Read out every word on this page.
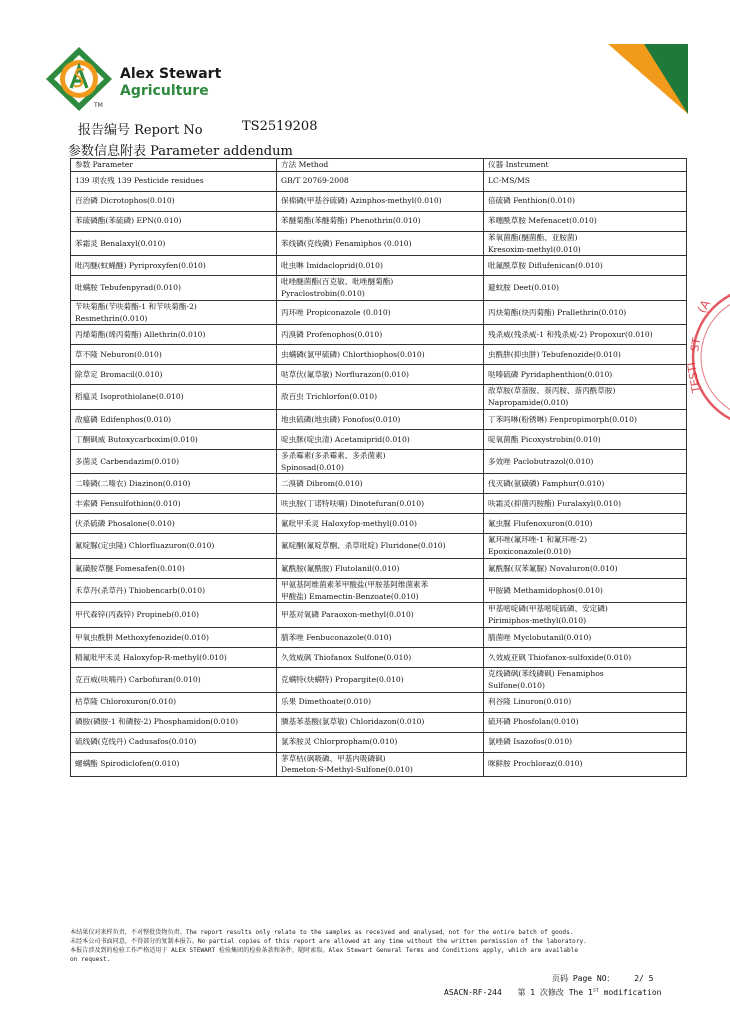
Alex Stewart
Agriculture
TM
(A
ST
TESTI
报告编号 Report No	TS2519208
参数信息附表 Parameter addendum
参数 Parameter	方法 Method	仪器 Instrument

139 项农残 139 Pesticide residues	GB/T 20769-2008	LC-MS/MS

百治磷 Dicrotophos(0.010)	保棉磷(甲基谷硫磷) Azinphos-methyl(0.010)	倍硫磷 Fenthion(0.010)

苯硫磷酯(苯硫磷) EPN(0.010)	苯醚菊酯(苯醚菊酯) Phenothrin(0.010)	苯噻酰草胺 Mefenacet(0.010)

苯霜灵 Benalaxyl(0.010)	苯线磷(克线磷) Fenamiphos (0.010)	苯氧菌酯(醚菌酯、亚胺菌)
Kresoxim-methyl(0.010)

吡丙醚(蚊蝇醚) Pyriproxyfen(0.010)	吡虫啉 Imidacloprid(0.010)	吡氟酰草胺 Diflufenican(0.010)

吡螨胺 Tebufenpyrad(0.010)	吡唑醚菌酯(百克敏、吡唑醚菊酯)
Pyraclostrobin(0.010)	避蚊胺 Deet(0.010)

苄呋菊酯(苄呋菊酯-1 和苄呋菊酯-2)
Resmethrin(0.010)	丙环唑 Propiconazole (0.010)	丙炔菊酯(炔丙菊酯) Prallethrin(0.010)

丙烯菊酯(烯丙菊酯) Allethrin(0.010)	丙溴磷 Profenophos(0.010)	残杀威(残杀威-1 和残杀威-2) Propoxur(0.010)

草不隆 Neburon(0.010)	虫螨磷(氯甲硫磷) Chlorthiophos(0.010)	虫酰肼(抑虫肼) Tebufenozide(0.010)

除草定 Bromacil(0.010)	哒草伏(氟草敏) Norflurazon(0.010)	哒嗪硫磷 Pyridaphenthion(0.010)

稻瘟灵 Isoprothiolane(0.010)	敌百虫 Trichlorfon(0.010)	敌草胺(草萘胺、萘丙胺、萘丙酰草胺)
Napropamide(0.010)

敌瘟磷 Edifenphos(0.010)	地虫硫磷(地虫磷) Fonofos(0.010)	丁苯吗啉(粉锈啉) Fenpropimorph(0.010)

丁酮砜威 Butoxycarboxim(0.010)	啶虫脒(啶虫清) Acetamiprid(0.010)	啶氧菌酯 Picoxystrobin(0.010)

多菌灵 Carbendazim(0.010)	多杀霉素(多杀霉素、多杀菌素)
Spinosad(0.010)	多效唑 Paclobutrazol(0.010)

二嗪磷(二嗪农) Diazinon(0.010)	二溴磷 Dibrom(0.010)	伐灭磷(氨磺磷) Famphur(0.010)

丰索磷 Fensulfothion(0.010)	呋虫胺(丁诺特呋喃) Dinotefuran(0.010)	呋霜灵(抑菌丙胺酯) Furalaxyl(0.010)

伏杀硫磷 Phosalone(0.010)	氟吡甲禾灵 Haloxyfop-methyl(0.010)	氟虫脲 Flufenoxuron(0.010)

氟啶脲(定虫隆) Chlorfluazuron(0.010)	氟啶酮(氟啶草酮、杀草吡啶) Fluridone(0.010)	氟环唑(氟环唑-1 和氟环唑-2)
Epoxiconazole(0.010)

氟磺胺草醚 Fomesafen(0.010)	氟酰胺(氟酰胺) Flutolanil(0.010)	氟酰脲(双苯氟脲) Novaluron(0.010)

禾草丹(杀草丹) Thiobencarb(0.010)	甲氨基阿维菌素苯甲酸盐(甲胺基阿维菌素苯
甲酸盐) Emamectin-Benzoate(0.010)	甲胺磷 Methamidophos(0.010)

甲代森锌(丙森锌) Propineb(0.010)	甲基对氧磷 Paraoxon-methyl(0.010)	甲基嘧啶磷(甲基嘧啶硫磷、安定磷)
Pirimiphos-methyl(0.010)

甲氧虫酰肼 Methoxyfenozide(0.010)	腈苯唑 Fenbuconazole(0.010)	腈菌唑 Myclobutanil(0.010)

精氟吡甲禾灵 Haloxyfop-R-methyl(0.010)	久效威砜 Thiofanox Sulfone(0.010)	久效威亚砜 Thiofanox-sulfoxide(0.010)

克百威(呋喃丹) Carbofuran(0.010)	克螨特(炔螨特) Propargite(0.010)	克线磷砜(苯线磷砜) Fenamiphos
Sulfone(0.010)

枯草隆 Chloroxuron(0.010)	乐果 Dimethoate(0.010)	利谷隆 Linuron(0.010)

磷胺(磷胺-1 和磷胺-2) Phosphamidon(0.010)	膦基苯基酸(氯草敏) Chloridazon(0.010)	硫环磷 Phosfolan(0.010)

硫线磷(克线丹) Cadusafos(0.010)	氯苯胺灵 Chlorpropham(0.010)	氯唑磷 Isazofos(0.010)

螺螨酯 Spirodiclofen(0.010)	茅草枯(砜吸磷、甲基内吸磷砜)
Demeton-S-Methyl-Sulfone(0.010)	咪鲜胺 Prochloraz(0.010)
本结果仅对来样负责，不对整批货物负责。The report results only relate to the samples as received and analysed，not for the entire batch of goods.
未经本公司书面同意，不得部分的复制本报告。No partial copies of this report are allowed at any time without the written permission of the laboratory.
本报告涉及到的检验工作严格适用于 ALEX STEWART 检验集团的检验条款和条件，随时索取。Alex Stewart General Terms and Conditions apply, which are available
on request.
页码 Page NO： 2/ 5
ASACN-RF-244 第 1 次修改 The 1st modification
